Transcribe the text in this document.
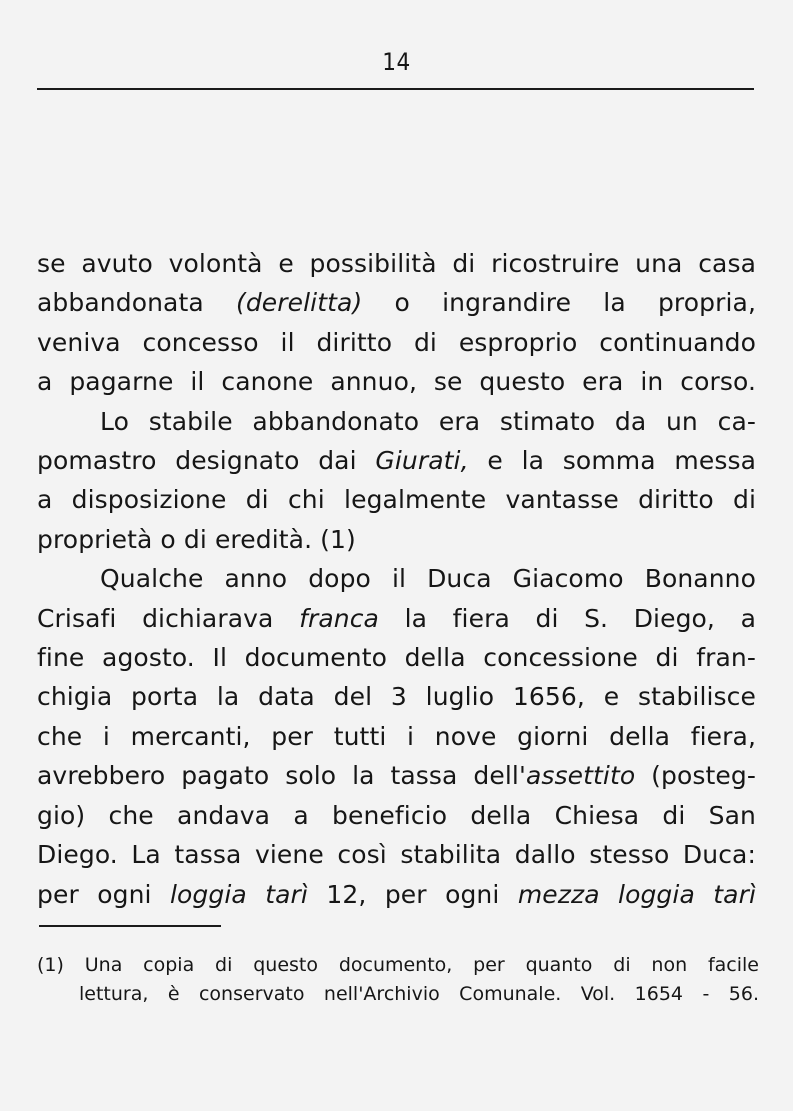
14
se avuto volontà e possibilità di ricostruire una casa
abbandonata (derelitta) o ingrandire la propria,
veniva concesso il diritto di esproprio continuando
a pagarne il canone annuo, se questo era in corso.
Lo stabile abbandonato era stimato da un ca-
pomastro designato dai Giurati, e la somma messa
a disposizione di chi legalmente vantasse diritto di
proprietà o di eredità. (1)
Qualche anno dopo il Duca Giacomo Bonanno
Crisafi dichiarava franca la fiera di S. Diego, a
fine agosto. Il documento della concessione di fran-
chigia porta la data del 3 luglio 1656, e stabilisce
che i mercanti, per tutti i nove giorni della fiera,
avrebbero pagato solo la tassa dell'assettito (posteg-
gio) che andava a beneficio della Chiesa di San
Diego. La tassa viene così stabilita dallo stesso Duca:
per ogni loggia tarì 12, per ogni mezza loggia tarì
(1) Una copia di questo documento, per quanto di non facile
lettura, è conservato nell'Archivio Comunale. Vol. 1654 - 56.
